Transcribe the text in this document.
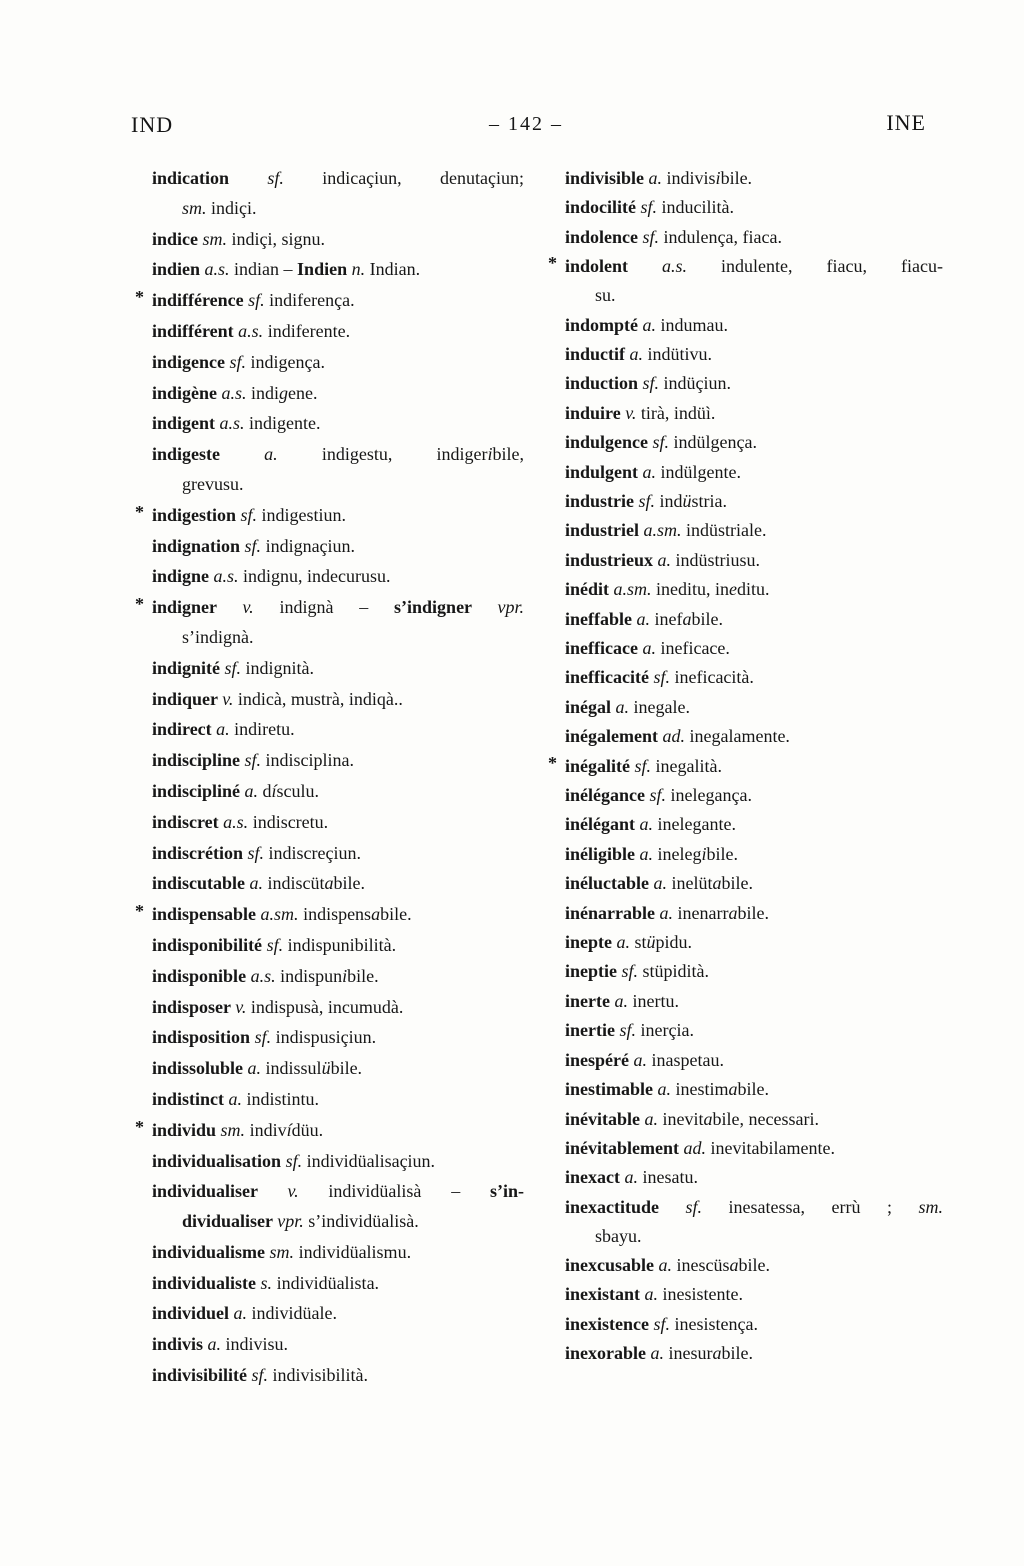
IND	– 142 –	INE
indication sf. indicaçiun, denutaçiun;
sm. indiçi.
indice sm. indiçi, signu.
indien a.s. indian – Indien n. Indian.
* indifférence sf. indiferença.
indifférent a.s. indiferente.
indigence sf. indigença.
indigène a.s. indigene.
indigent a.s. indigente.
indigeste a. indigestu, indigeribile,
grevusu.
* indigestion sf. indigestiun.
indignation sf. indignaçiun.
indigne a.s. indignu, indecurusu.
* indigner v. indignà – s’indigner vpr.
s’indignà.
indignité sf. indignità.
indiquer v. indicà, mustrà, indiqà..
indirect a. indiretu.
indiscipline sf. indisciplina.
indiscipliné a. dísculu.
indiscret a.s. indiscretu.
indiscrétion sf. indiscreçiun.
indiscutable a. indiscütabile.
* indispensable a.sm. indispensabile.
indisponibilité sf. indispunibilità.
indisponible a.s. indispunibile.
indisposer v. indispusà, incumudà.
indisposition sf. indispusiçiun.
indissoluble a. indissulübile.
indistinct a. indistintu.
* individu sm. indivídüu.
individualisation sf. individüalisaçiun.
individualiser v. individüalisà – s’in-
dividualiser vpr. s’individüalisà.
individualisme sm. individüalismu.
individualiste s. individüalista.
individuel a. individüale.
indivis a. indivisu.
indivisibilité sf. indivisibilità.
indivisible a. indivisibile.
indocilité sf. inducilità.
indolence sf. indulença, fiaca.
* indolent a.s. indulente, fiacu, fiacu-
su.
indompté a. indumau.
inductif a. indütivu.
induction sf. indüçiun.
induire v. tirà, indüì.
indulgence sf. indülgença.
indulgent a. indülgente.
industrie sf. indüstria.
industriel a.sm. indüstriale.
industrieux a. indüstriusu.
inédit a.sm. ineditu, ineditu.
ineffable a. inefabile.
inefficace a. ineficace.
inefficacité sf. ineficacità.
inégal a. inegale.
inégalement ad. inegalamente.
* inégalité sf. inegalità.
inélégance sf. inelegança.
inélégant a. inelegante.
inéligible a. inelegibile.
inéluctable a. inelütabile.
inénarrable a. inenarrabile.
inepte a. stüpidu.
ineptie sf. stüpidità.
inerte a. inertu.
inertie sf. inerçia.
inespéré a. inaspetau.
inestimable a. inestimabile.
inévitable a. inevitabile, necessari.
inévitablement ad. inevitabilamente.
inexact a. inesatu.
inexactitude sf. inesatessa, errù ; sm.
sbayu.
inexcusable a. inescüsabile.
inexistant a. inesistente.
inexistence sf. inesistença.
inexorable a. inesurabile.
